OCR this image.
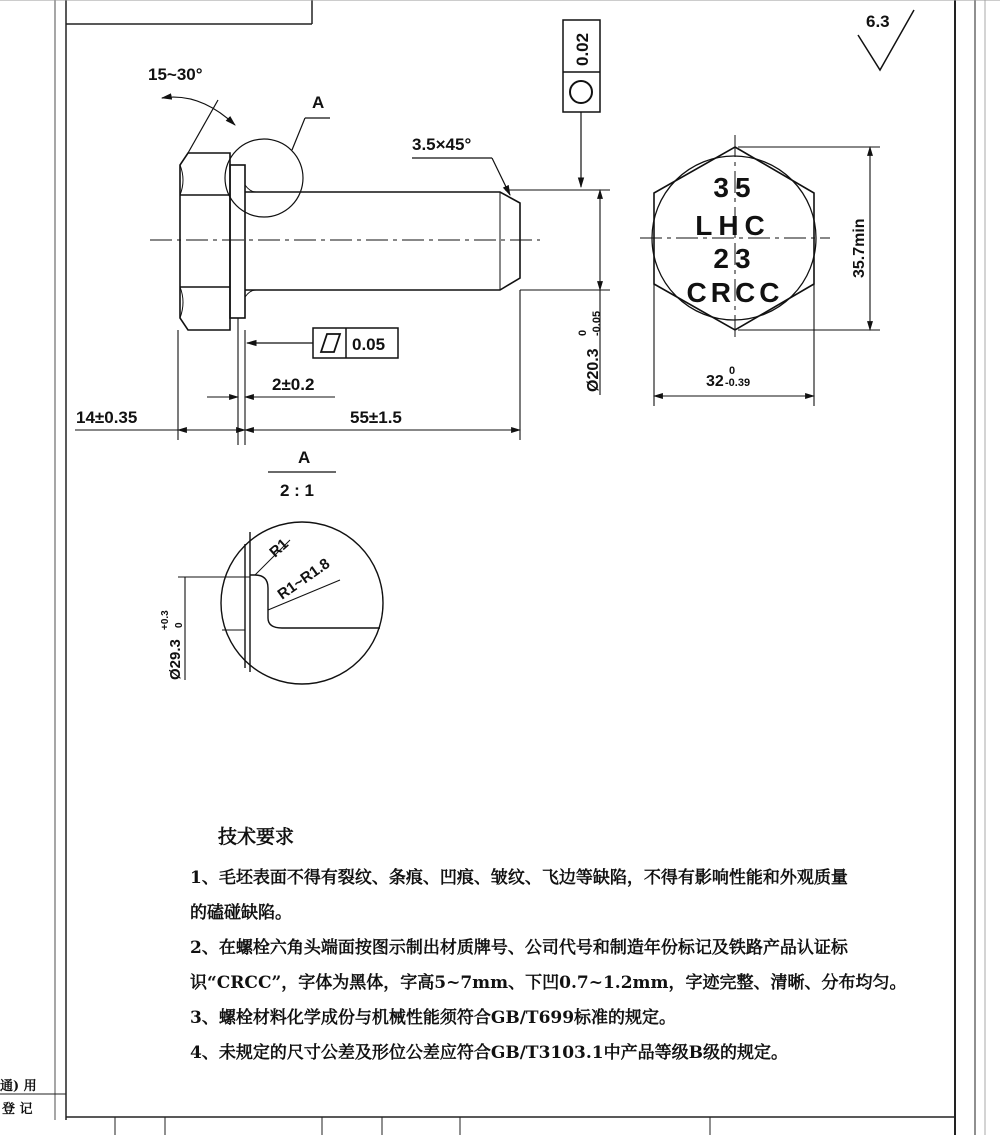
6.3
0.02
15~30°
A
3.5×45°
Ø20.3
0 -0.05
0.05
2±0.2
14±0.35	55±1.5
35
LHC
23
CRCC
35.7min
32
0
-0.39
A
2 : 1
R1
R1~R1.8
Ø29.3
+0.3 0
技术要求
1、毛坯表面不得有裂纹、条痕、凹痕、皱纹、飞边等缺陷，不得有影响性能和外观质量
的磕碰缺陷。
2、在螺栓六角头端面按图示制出材质牌号、公司代号和制造年份标记及铁路产品认证标
识“CRCC”，字体为黑体，字高5~7mm、下凹0.7~1.2mm，字迹完整、清晰、分布均匀。
3、螺栓材料化学成份与机械性能须符合GB/T699标准的规定。
4、未规定的尺寸公差及形位公差应符合GB/T3103.1中产品等级B级的规定。
通) 用
登 记
